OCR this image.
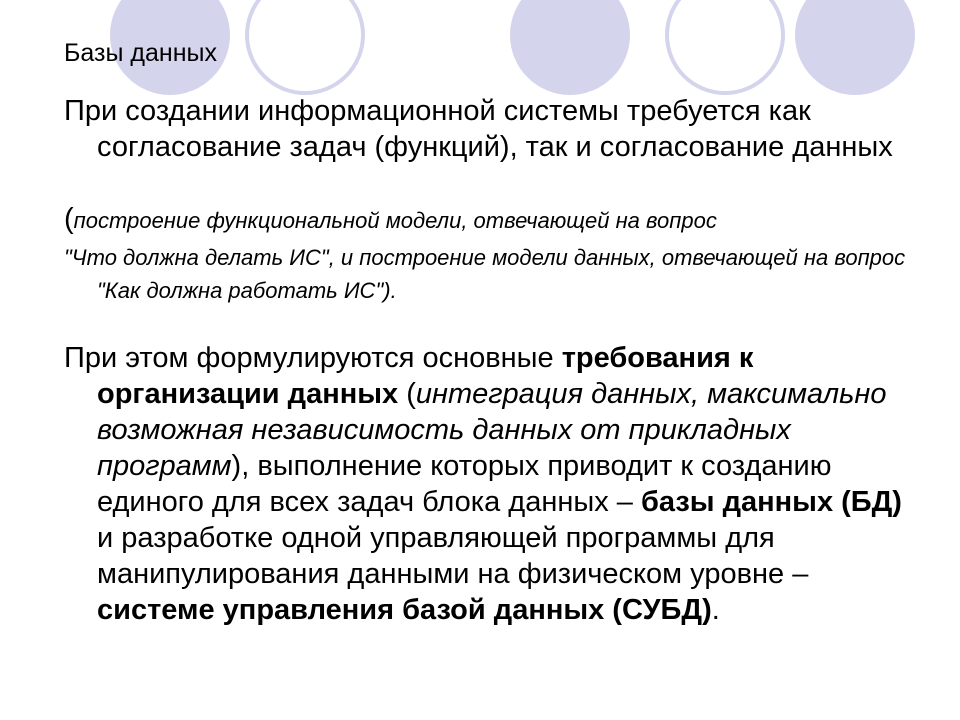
Базы данных
При создании информационной системы требуется как согласование задач (функций), так и согласование данных
(построение функциональной модели, отвечающей на вопрос
"Что должна делать ИС", и построение модели данных, отвечающей на вопрос "Как должна работать ИС").
При этом формулируются основные требования к организации данных (интеграция данных, максимально возможная независимость данных от прикладных программ), выполнение которых приводит к созданию единого для всех задач блока данных – базы данных (БД) и разработке одной управляющей программы для манипулирования данными на физическом уровне – системе управления базой данных (СУБД).
